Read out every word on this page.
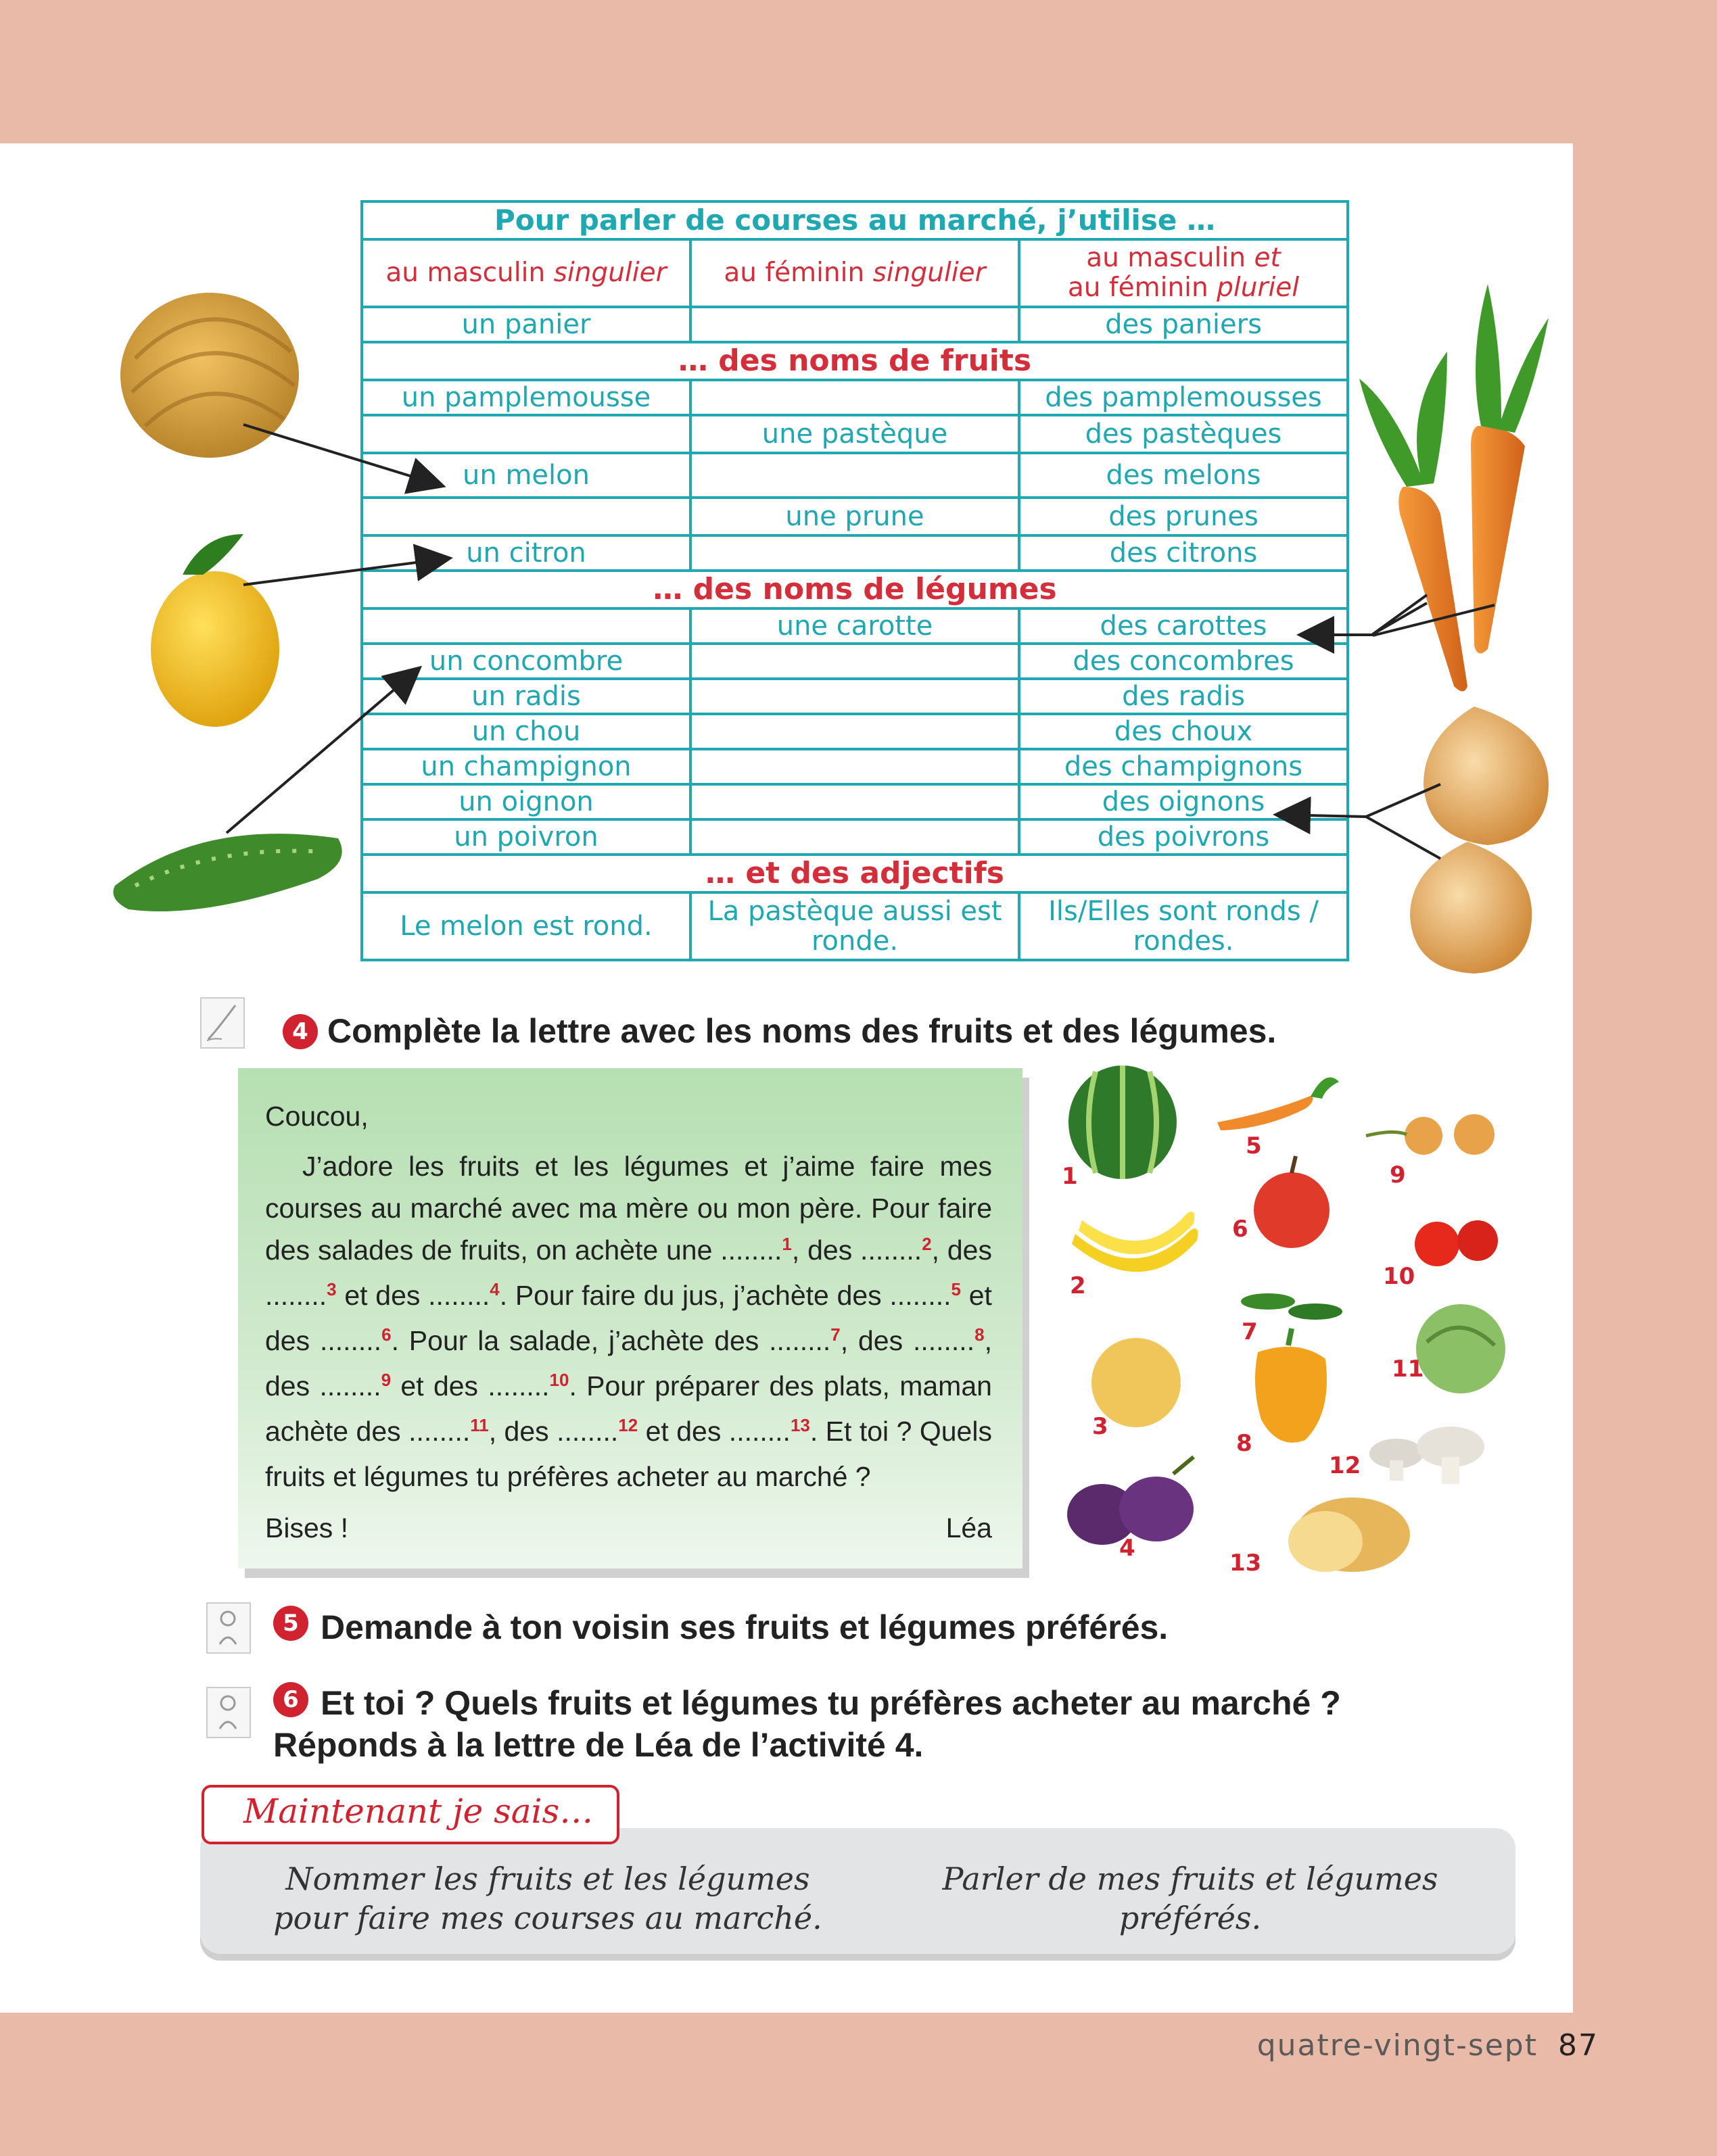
Pour parler de courses au marché, j’utilise …		
au masculin singulier	au féminin singulier	au masculin et
au féminin pluriel
un panier		des paniers
… des noms de fruits		
un pamplemousse		des pamplemousses
	une pastèque	des pastèques
un melon		des melons
	une prune	des prunes
un citron		des citrons
… des noms de légumes		
	une carotte	des carottes
un concombre		des concombres
un radis		des radis
un chou		des choux
un champignon		des champignons
un oignon		des oignons
un poivron		des poivrons
… et des adjectifs		
Le melon est rond.	La pastèque aussi est ronde.	Ils/Elles sont ronds / rondes.
4 Complète la lettre avec les noms des fruits et des légumes.
Coucou,
J’adore les fruits et les légumes et j’aime faire mes courses au marché avec ma mère ou mon père. Pour faire des salades de fruits, on achète une ........$^1$, des ........$^2$, des ........$^3$ et des ........$^4$. Pour faire du jus, j’achète des ........$^5$ et des ........$^6$. Pour la salade, j’achète des ........$^7$, des ........$^8$, des ........$^9$ et des ........$^{10}$. Pour préparer des plats, maman achète des ........$^{11}$, des ........$^{12}$ et des ........$^{13}$. Et toi ? Quels fruits et légumes tu préfères acheter au marché ?
Bises !	Léa
1
2
3
4
5
6
7
8
9
10
11
12
13
5 Demande à ton voisin ses fruits et légumes préférés.
6 Et toi ? Quels fruits et légumes tu préfères acheter au marché ? Réponds à la lettre de Léa de l’activité 4.
Maintenant je sais…
Nommer les fruits et les légumes pour faire mes courses au marché.
Parler de mes fruits et légumes préférés.
quatre-vingt-sept 87
